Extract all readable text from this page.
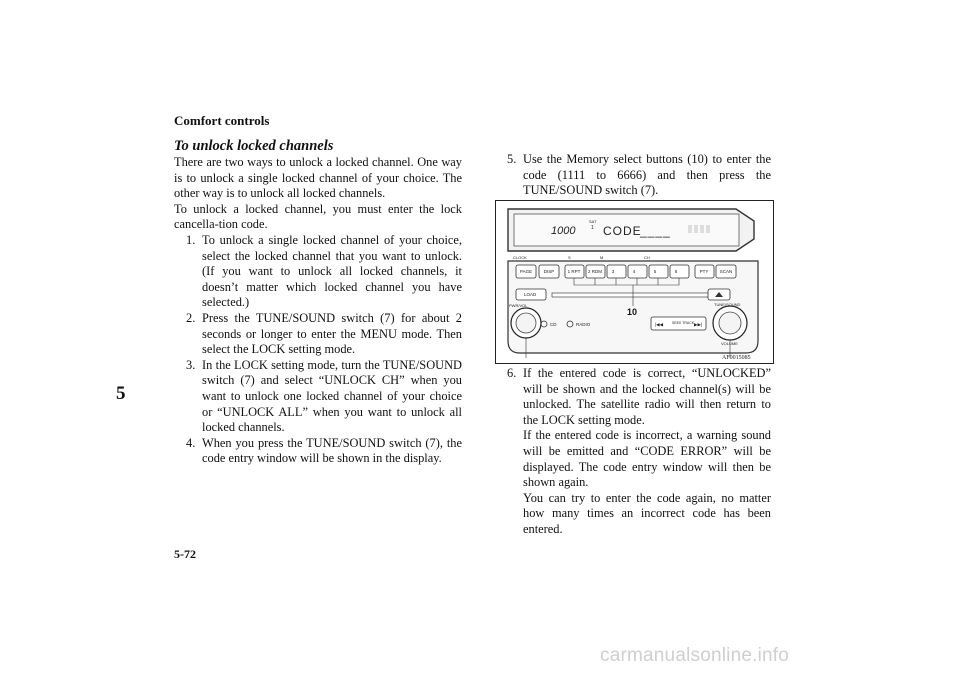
Comfort controls
5
To unlock locked channels

There are two ways to unlock a locked channel. One way is to unlock a single locked channel of your choice. The other way is to unlock all locked channels.

To unlock a locked channel, you must enter the lock cancella-tion code.

1. To unlock a single locked channel of your choice, select the locked channel that you want to unlock. (If you want to unlock all locked channels, it doesn’t matter which locked channel you have selected.)

2. Press the TUNE/SOUND switch (7) for about 2 seconds or longer to enter the MENU mode. Then select the LOCK setting mode.

3. In the LOCK setting mode, turn the TUNE/SOUND switch (7) and select “UNLOCK CH” when you want to unlock one locked channel of your choice or “UNLOCK ALL” when you want to unlock all locked channels.

4. When you press the TUNE/SOUND switch (7), the code entry window will be shown in the display.

5. Use the Memory select buttons (10) to enter the code (1111 to 6666) and then press the TUNE/SOUND switch (7).

1000
SAT
1 CODE
____
CLOCK	S	M	CH
PAGE	DISP	1 RPT 2 RDM 3	4	5	6	PTY	SCAN
LOAD
10
CD	RADIO	|◀◀	SEEK TRACK ▶▶|
PWR/VOL	TUNE/SOUND
VOLUME
AF0015085

6. If the entered code is correct, “UNLOCKED” will be shown and the locked channel(s) will be unlocked. The satellite radio will then return to the LOCK setting mode.

If the entered code is incorrect, a warning sound will be emitted and “CODE ERROR” will be displayed. The code entry window will then be shown again.

You can try to enter the code again, no matter how many times an incorrect code has been entered.

5-72
carmanualsonline.info
